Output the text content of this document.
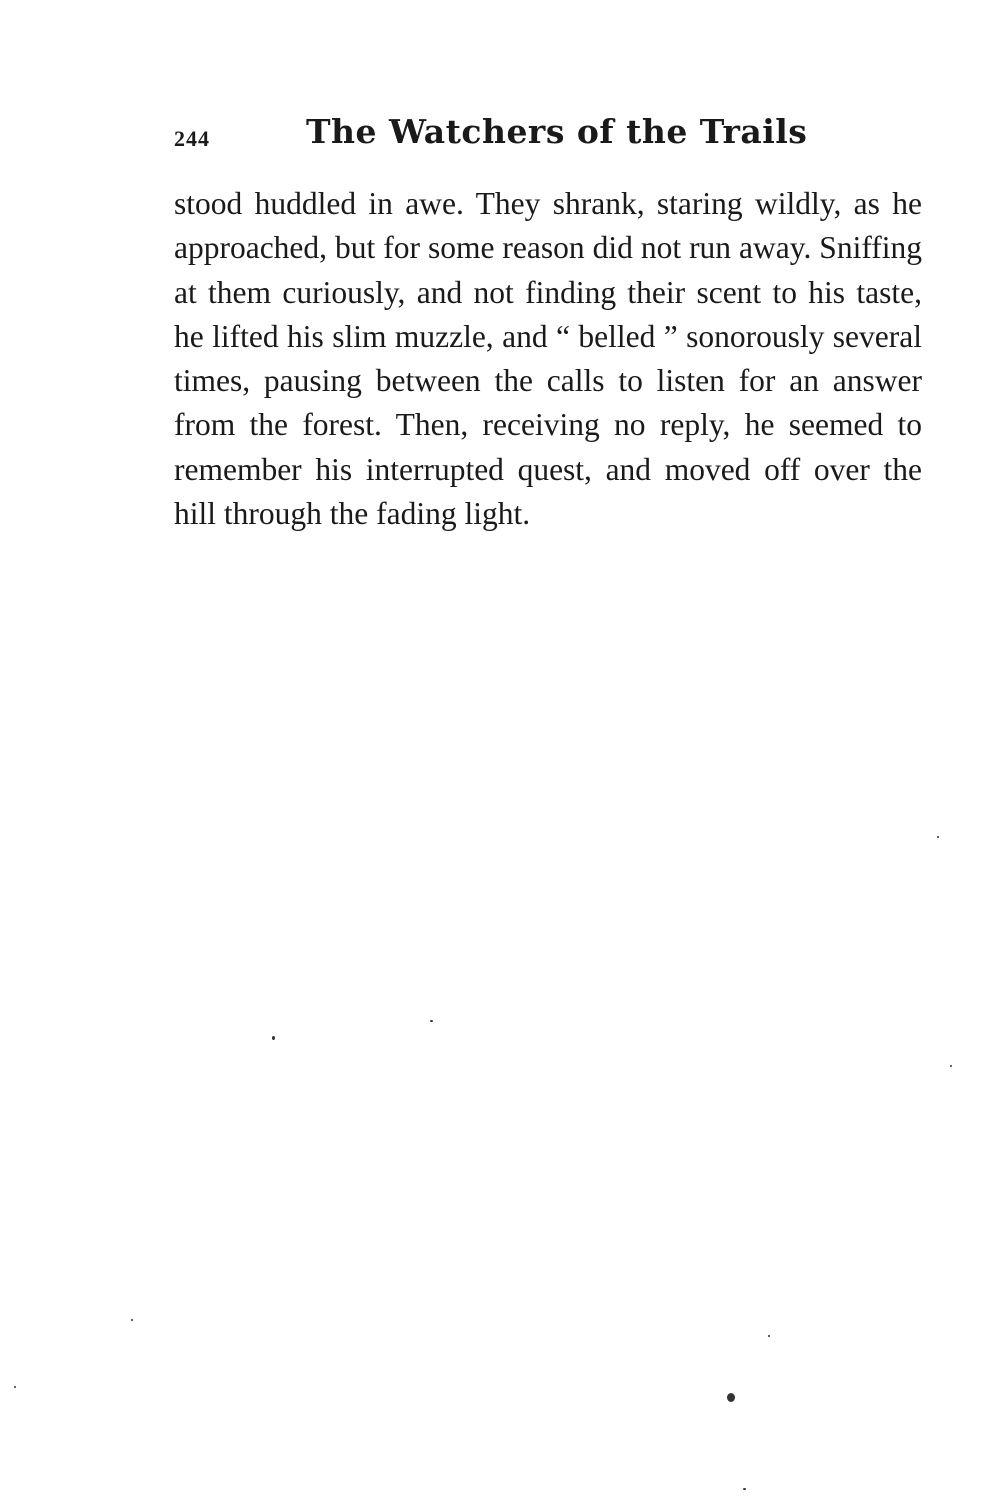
244	The Watchers of the Trails

stood huddled in awe. They shrank, staring wildly, as he approached, but for some reason did not run away. Sniffing at them curiously, and not finding their scent to his taste, he lifted his slim muzzle, and “ belled ” sonorously several times, pausing between the calls to listen for an answer from the forest. Then, receiving no reply, he seemed to remember his interrupted quest, and moved off over the hill through the fading light.
